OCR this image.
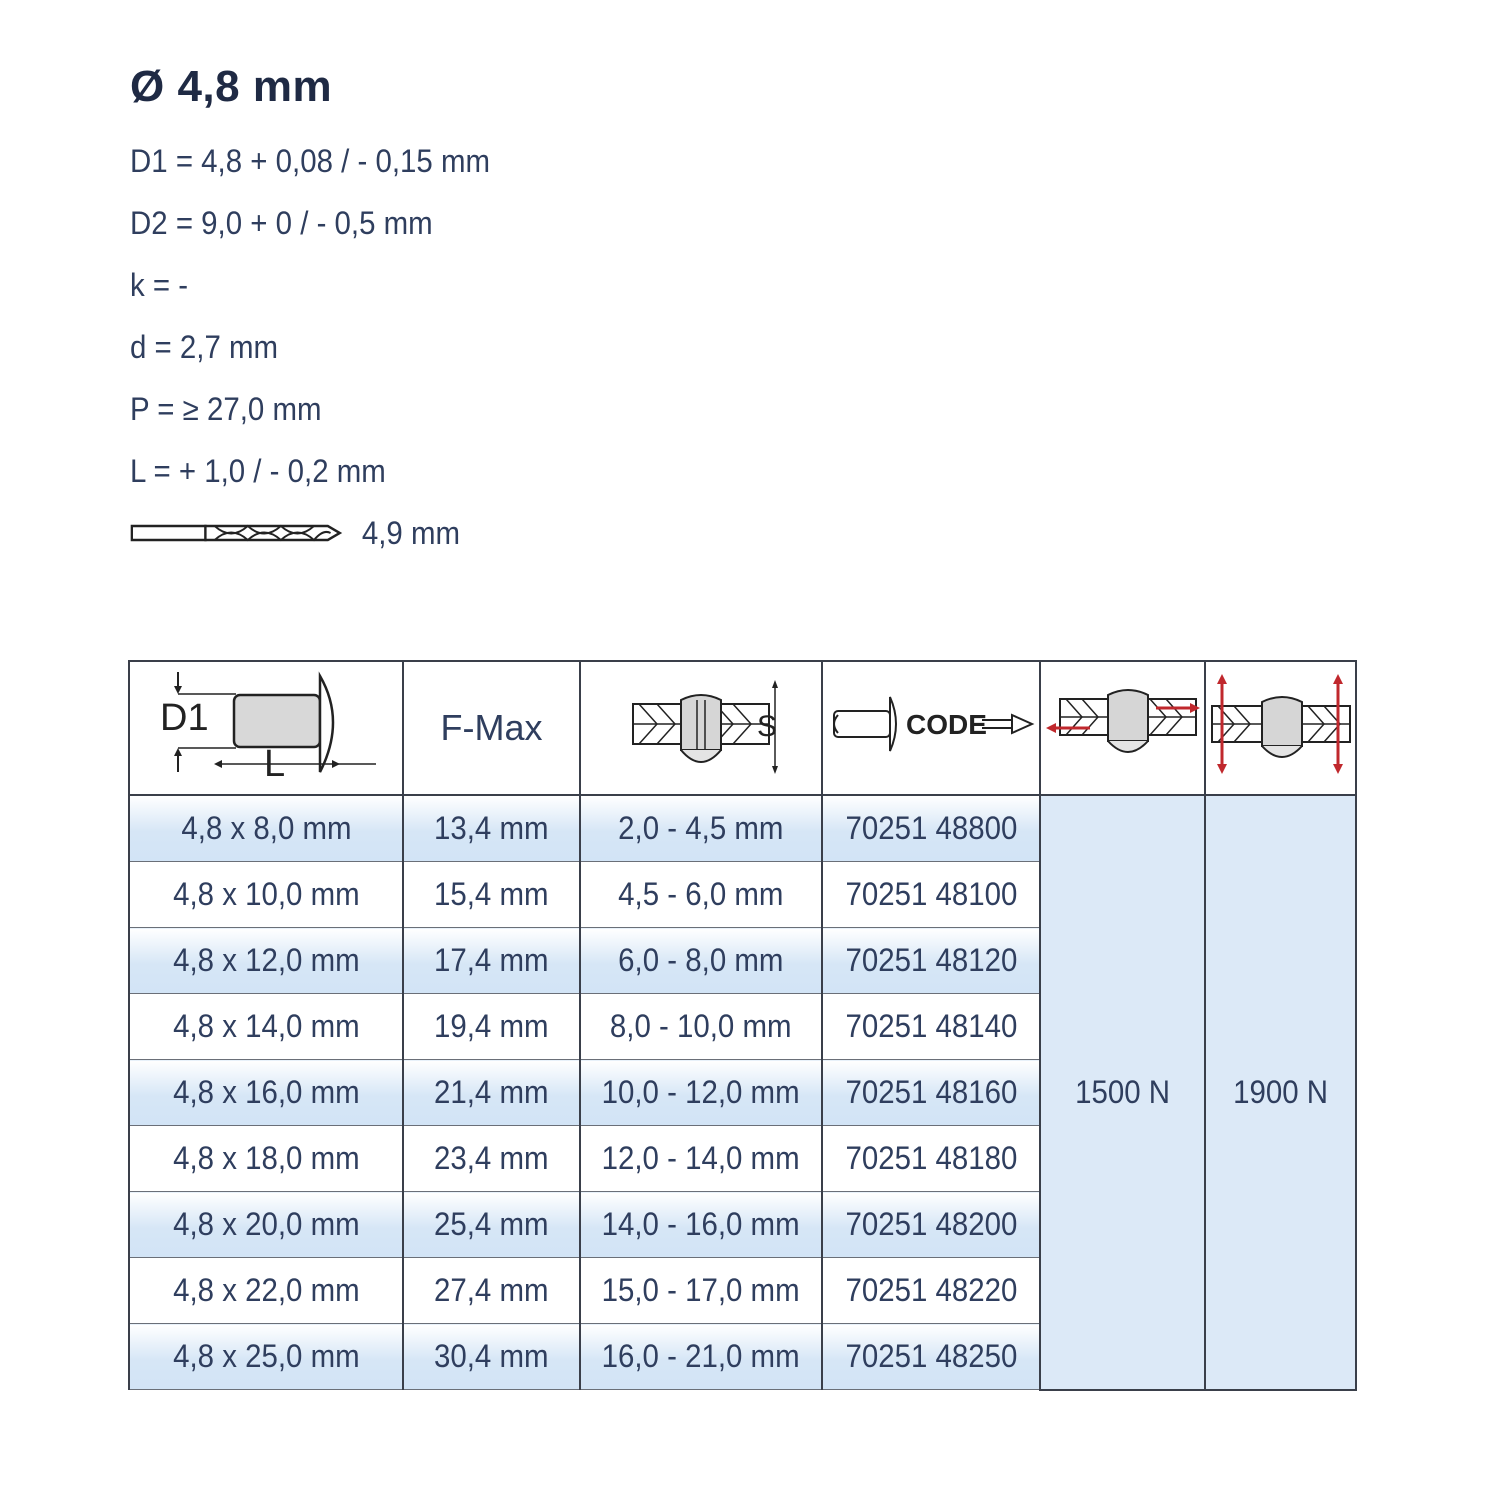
Ø 4,8 mm
D1 = 4,8 + 0,08 / - 0,15 mm
D2 = 9,0 + 0 / - 0,5 mm
k = -
d = 2,7 mm
P = ≥ 27,0 mm
L = + 1,0 / - 0,2 mm
4,9 mm
D1
L	F-Max	S	CODE

4,8 x 8,0 mm	13,4 mm	2,0 - 4,5 mm	70251 48800	1500 N	1900 N
4,8 x 10,0 mm	15,4 mm	4,5 - 6,0 mm	70251 48100		
4,8 x 12,0 mm	17,4 mm	6,0 - 8,0 mm	70251 48120		
4,8 x 14,0 mm	19,4 mm	8,0 - 10,0 mm	70251 48140		
4,8 x 16,0 mm	21,4 mm	10,0 - 12,0 mm	70251 48160		
4,8 x 18,0 mm	23,4 mm	12,0 - 14,0 mm	70251 48180		
4,8 x 20,0 mm	25,4 mm	14,0 - 16,0 mm	70251 48200		
4,8 x 22,0 mm	27,4 mm	15,0 - 17,0 mm	70251 48220		
4,8 x 25,0 mm	30,4 mm	16,0 - 21,0 mm	70251 48250		
